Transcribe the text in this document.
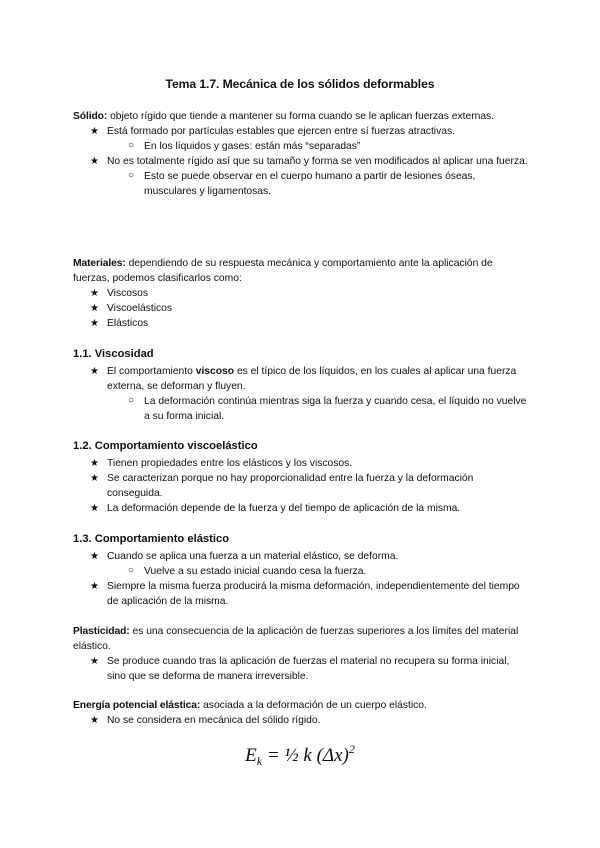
Tema 1.7. Mecánica de los sólidos deformables

Sólido: objeto rígido que tiende a mantener su forma cuando se le aplican fuerzas externas.

★ Está formado por partículas estables que ejercen entre sí fuerzas atractivas.
○ En los líquidos y gases: están más “separadas”
★ No es totalmente rígido así que su tamaño y forma se ven modificados al aplicar una fuerza.
○ Esto se puede observar en el cuerpo humano a partir de lesiones óseas, musculares y ligamentosas.

Materiales: dependiendo de su respuesta mecánica y comportamiento ante la aplicación de fuerzas, podemos clasificarlos como:

★ Viscosos
★ Viscoelásticos
★ Elásticos

1.1. Viscosidad

★ El comportamiento viscoso es el típico de los líquidos, en los cuales al aplicar una fuerza externa, se deforman y fluyen.
○ La deformación continúa mientras siga la fuerza y cuando cesa, el líquido no vuelve a su forma inicial.

1.2. Comportamiento viscoelástico

★ Tienen propiedades entre los elásticos y los viscosos.
★ Se caracterizan porque no hay proporcionalidad entre la fuerza y la deformación conseguida.
★ La deformación depende de la fuerza y del tiempo de aplicación de la misma.

1.3. Comportamiento elástico

★ Cuando se aplica una fuerza a un material elástico, se deforma.
○ Vuelve a su estado inicial cuando cesa la fuerza.
★ Siempre la misma fuerza producirá la misma deformación, independientemente del tiempo de aplicación de la misma.

Plasticidad: es una consecuencia de la aplicación de fuerzas superiores a los límites del material elástico.

★ Se produce cuando tras la aplicación de fuerzas el material no recupera su forma inicial, sino que se deforma de manera irreversible.

Energía potencial elástica: asociada a la deformación de un cuerpo elástico.

★ No se considera en mecánica del sólido rígido.
$E_k$ = ½ k $(\Delta x)^2$
